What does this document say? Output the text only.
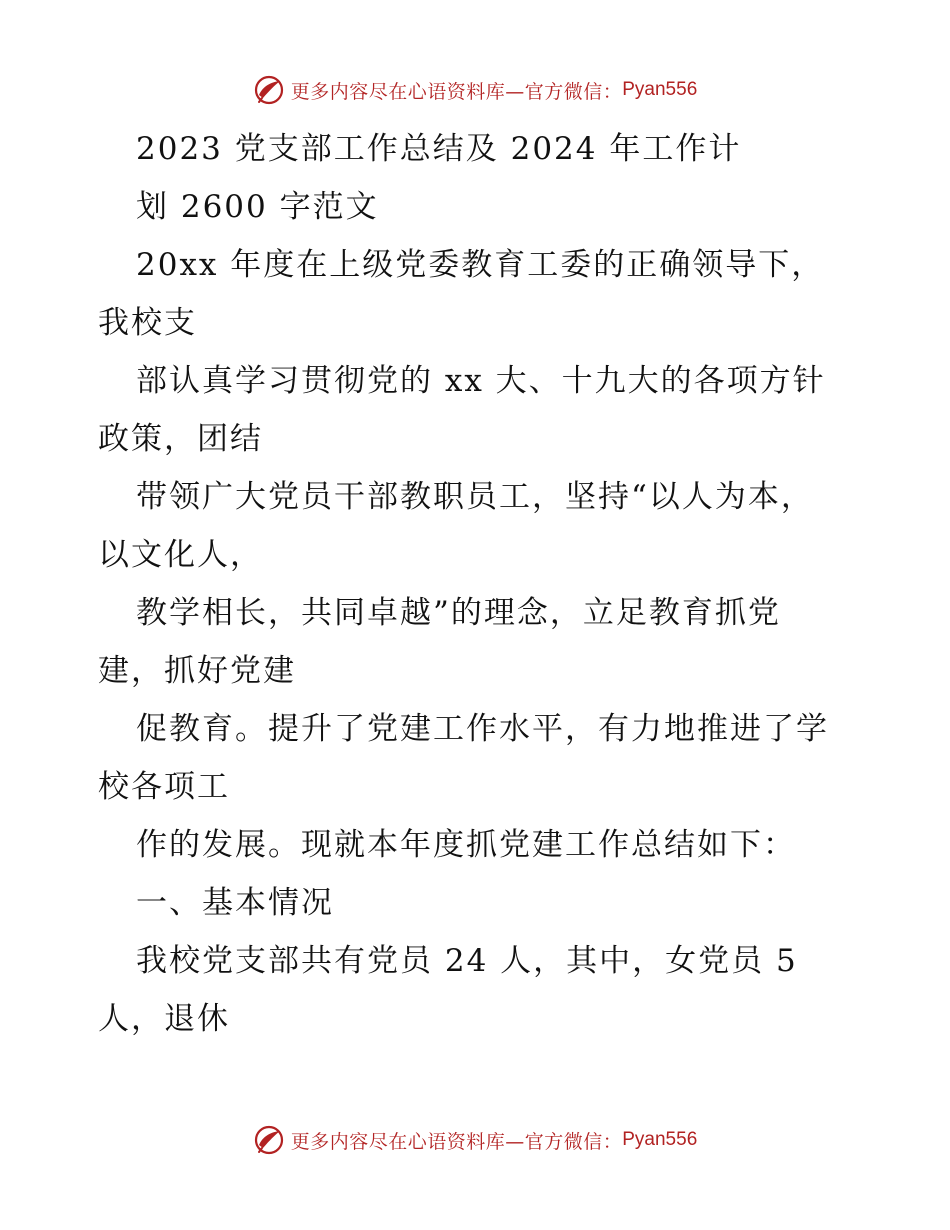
更多内容尽在心语资料库—官方微信： Pyan556
2023 党支部工作总结及 2024 年工作计
划 2600 字范文
20xx 年度在上级党委教育工委的正确领导下，
我校支
部认真学习贯彻党的 xx 大、十九大的各项方针
政策，团结
带领广大党员干部教职员工，坚持“以人为本，
以文化人，
教学相长，共同卓越”的理念，立足教育抓党
建，抓好党建
促教育。提升了党建工作水平，有力地推进了学
校各项工
作的发展。现就本年度抓党建工作总结如下：
一、基本情况
我校党支部共有党员 24 人，其中，女党员 5
人，退休
更多内容尽在心语资料库—官方微信： Pyan556
